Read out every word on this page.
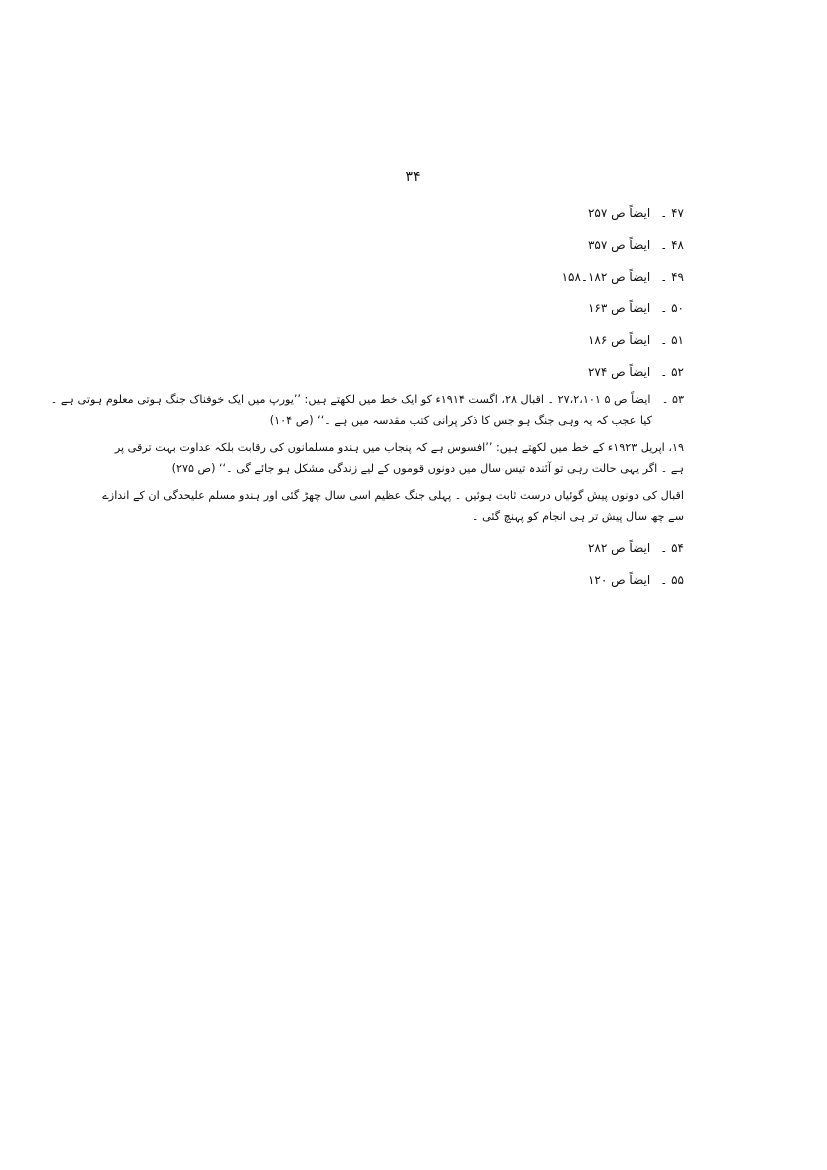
۳۴
۴۷ ۔ ایضاً ص ۲۵۷
۴۸ ۔ ایضاً ص ۳۵۷
۴۹ ۔ ایضاً ص ۱۸۲۔۱۵۸
۵۰ ۔ ایضاً ص ۱۶۳
۵۱ ۔ ایضاً ص ۱۸۶
۵۲ ۔ ایضاً ص ۲۷۴
۵۳ ۔ ایضاً ص ۵ ۲۷،۲،۱۰۱ ۔ اقبال ۲۸، اگست ۱۹۱۴ء کو ایک خط میں لکھتے ہیں: ’’یورپ میں ایک خوفناک جنگ ہوتی معلوم ہوتی ہے ۔
کیا عجب کہ یہ وہی جنگ ہو جس کا ذکر پرانی کتب مقدسہ میں ہے ۔‘‘ (ص ۱۰۴)
۱۹، اپریل ۱۹۲۳ء کے خط میں لکھتے ہیں: ’’افسوس ہے کہ پنجاب میں ہندو مسلمانوں کی رقابت بلکہ عداوت بہت ترقی پر
ہے ۔ اگر یہی حالت رہی تو آئندہ تیس سال میں دونوں قوموں کے لیے زندگی مشکل ہو جائے گی ۔‘‘ (ص ۲۷۵)
اقبال کی دونوں پیش گوئیاں درست ثابت ہوئیں ۔ پہلی جنگ عظیم اسی سال چھڑ گئی اور ہندو مسلم علیحدگی ان کے اندازے
سے چھ سال پیش تر ہی انجام کو پہنچ گئی ۔
۵۴ ۔ ایضاً ص ۲۸۲
۵۵ ۔ ایضاً ص ۱۲۰
